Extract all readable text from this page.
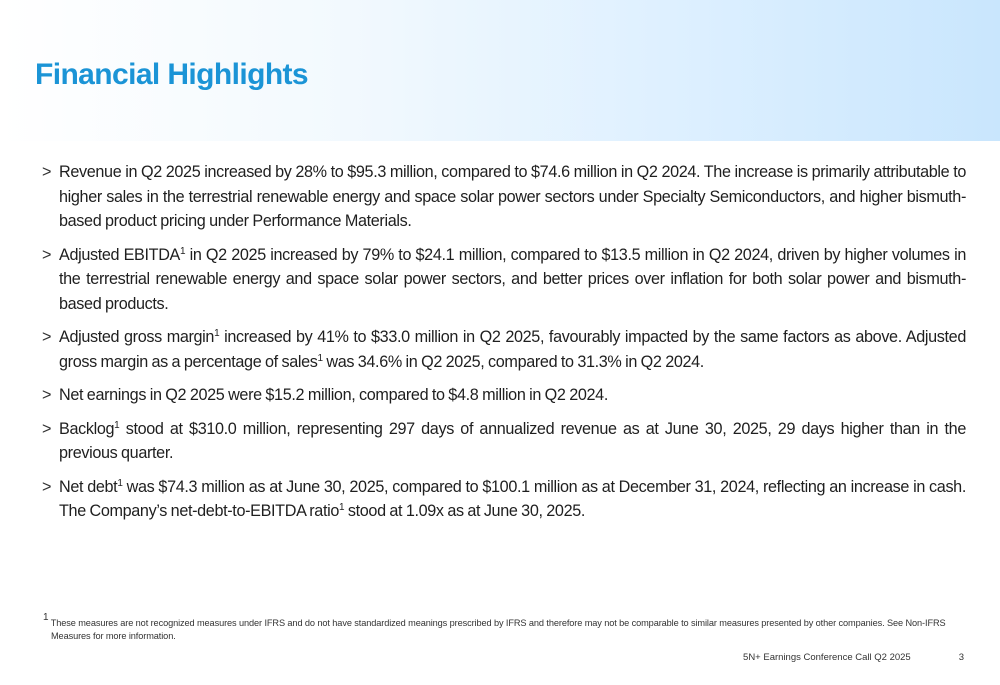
Financial Highlights
> Revenue in Q2 2025 increased by 28% to $95.3 million, compared to $74.6 million in Q2 2024. The increase is primarily attributable to higher sales in the terrestrial renewable energy and space solar power sectors under Specialty Semiconductors, and higher bismuth-based product pricing under Performance Materials.
> Adjusted EBITDA$^1$ in Q2 2025 increased by 79% to $24.1 million, compared to $13.5 million in Q2 2024, driven by higher volumes in the terrestrial renewable energy and space solar power sectors, and better prices over inflation for both solar power and bismuth-based products.
> Adjusted gross margin$^1$ increased by 41% to $33.0 million in Q2 2025, favourably impacted by the same factors as above. Adjusted gross margin as a percentage of sales$^1$ was 34.6% in Q2 2025, compared to 31.3% in Q2 2024.
> Net earnings in Q2 2025 were $15.2 million, compared to $4.8 million in Q2 2024.
> Backlog$^1$ stood at $310.0 million, representing 297 days of annualized revenue as at June 30, 2025, 29 days higher than in the previous quarter.
> Net debt$^1$ was $74.3 million as at June 30, 2025, compared to $100.1 million as at December 31, 2024, reflecting an increase in cash. The Company’s net-debt-to-EBITDA ratio$^1$ stood at 1.09x as at June 30, 2025.
$^1$ These measures are not recognized measures under IFRS and do not have standardized meanings prescribed by IFRS and therefore may not be comparable to similar measures presented by other companies. See Non-IFRS Measures for more information.
5N+ Earnings Conference Call Q2 2025	3
